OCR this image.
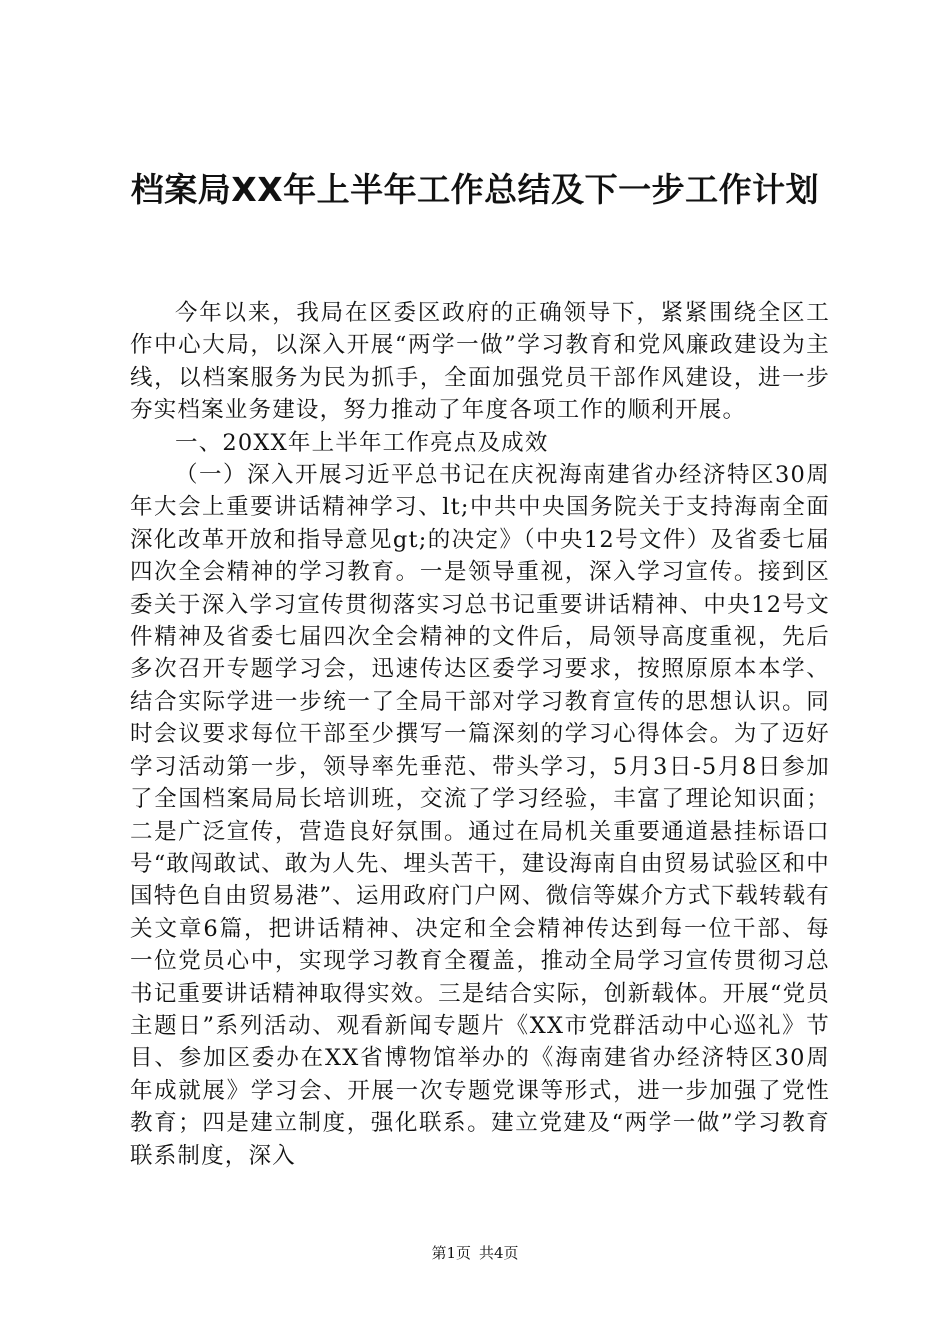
档案局XX年上半年工作总结及下一步工作计划

今年以来，我局在区委区政府的正确领导下，紧紧围绕全区工作中心大局，以深入开展“两学一做”学习教育和党风廉政建设为主线，以档案服务为民为抓手，全面加强党员干部作风建设，进一步夯实档案业务建设，努力推动了年度各项工作的顺利开展。

一、20XX年上半年工作亮点及成效

（一）深入开展习近平总书记在庆祝海南建省办经济特区30周年大会上重要讲话精神学习、lt;中共中央国务院关于支持海南全面深化改革开放和指导意见gt;的决定》（中央12号文件）及省委七届四次全会精神的学习教育。一是领导重视，深入学习宣传。接到区委关于深入学习宣传贯彻落实习总书记重要讲话精神、中央12号文件精神及省委七届四次全会精神的文件后，局领导高度重视，先后多次召开专题学习会，迅速传达区委学习要求，按照原原本本学、结合实际学进一步统一了全局干部对学习教育宣传的思想认识。同时会议要求每位干部至少撰写一篇深刻的学习心得体会。为了迈好学习活动第一步，领导率先垂范、带头学习，5月3日-5月8日参加了全国档案局局长培训班，交流了学习经验，丰富了理论知识面；二是广泛宣传，营造良好氛围。通过在局机关重要通道悬挂标语口号“敢闯敢试、敢为人先、埋头苦干，建设海南自由贸易试验区和中国特色自由贸易港”、运用政府门户网、微信等媒介方式下载转载有关文章6篇，把讲话精神、决定和全会精神传达到每一位干部、每一位党员心中，实现学习教育全覆盖，推动全局学习宣传贯彻习总书记重要讲话精神取得实效。三是结合实际，创新载体。开展“党员主题日”系列活动、观看新闻专题片《XX市党群活动中心巡礼》节目、参加区委办在XX省博物馆举办的《海南建省办经济特区30周年成就展》学习会、开展一次专题党课等形式，进一步加强了党性教育；四是建立制度，强化联系。建立党建及“两学一做”学习教育联系制度，深入

第1页 共4页
